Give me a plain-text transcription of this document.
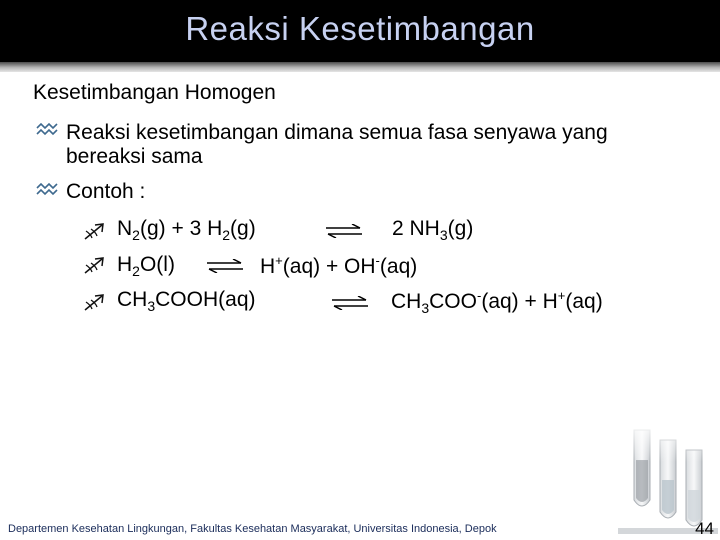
Reaksi Kesetimbangan
Kesetimbangan Homogen
Reaksi kesetimbangan dimana semua fasa senyawa yang
bereaksi sama
Contoh :
$N_2(g) + 3$ $H_2(g)$	2 $NH_3(g)$
$H_2O(l)$ ⇌ H+(aq) + OH-(aq)
$CH_3COOH(aq)$	⇌ $CH_3COO^-(aq) + H^+(aq)$
Departemen Kesehatan Lingkungan, Fakultas Kesehatan Masyarakat, Universitas Indonesia, Depok	44
